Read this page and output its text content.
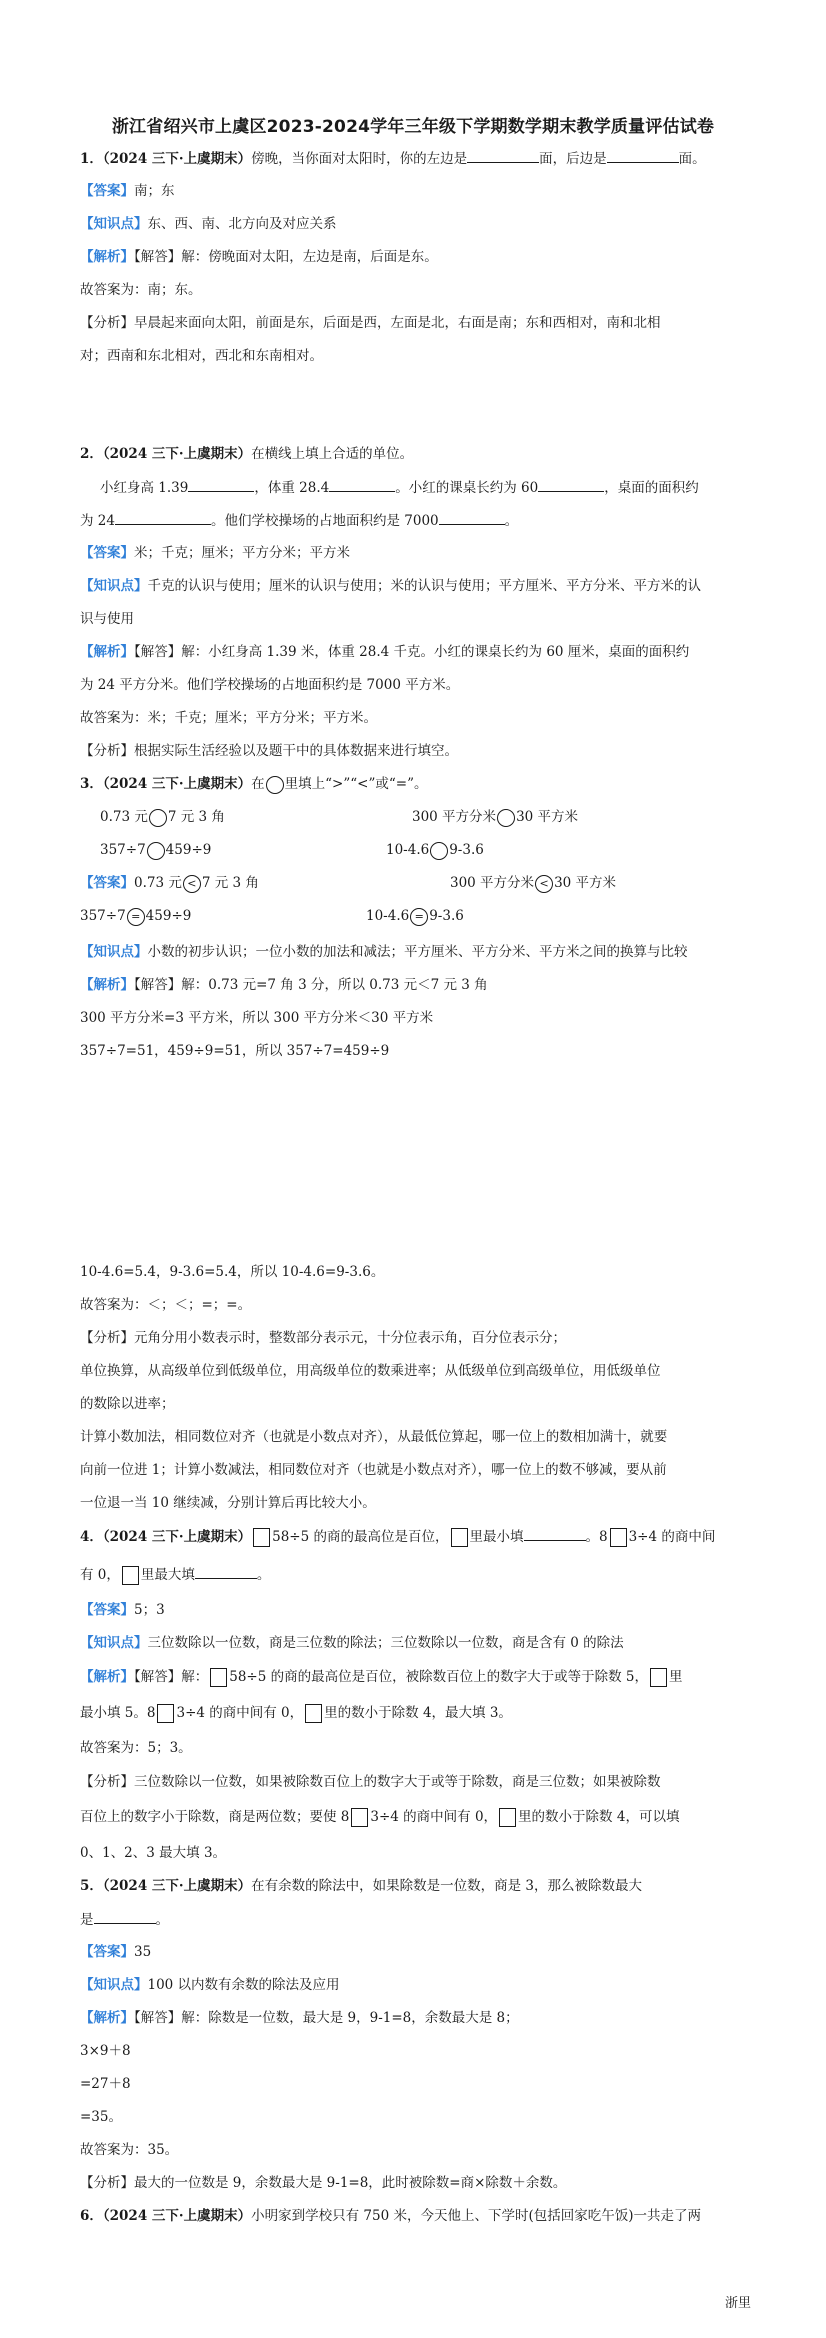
浙江省绍兴市上虞区2023-2024学年三年级下学期数学期末教学质量评估试卷
1．（2024 三下·上虞期末）傍晚，当你面对太阳时，你的左边是	面，后边是	面。
【答案】南；东
【知识点】东、西、南、北方向及对应关系
【解析】【解答】解：傍晚面对太阳，左边是南，后面是东。
故答案为：南；东。
【分析】早晨起来面向太阳，前面是东，后面是西，左面是北，右面是南；东和西相对，南和北相
对；西南和东北相对，西北和东南相对。
2．（2024 三下·上虞期末）在横线上填上合适的单位。
小红身高 1.39	，体重 28.4	。小红的课桌长约为 60	，桌面的面积约
为 24	。他们学校操场的占地面积约是 7000	。
【答案】米；千克；厘米；平方分米；平方米
【知识点】千克的认识与使用；厘米的认识与使用；米的认识与使用；平方厘米、平方分米、平方米的认
识与使用
【解析】【解答】解：小红身高 1.39 米，体重 28.4 千克。小红的课桌长约为 60 厘米，桌面的面积约
为 24 平方分米。他们学校操场的占地面积约是 7000 平方米。
故答案为：米；千克；厘米；平方分米；平方米。
【分析】根据实际生活经验以及题干中的具体数据来进行填空。
3．（2024 三下·上虞期末）在 里填上“>”“<”或“=”。
0.73 元 7 元 3 角	300 平方分米 30 平方米
357÷7 459÷9	10-4.6 9-3.6
【答案】0.73 元 < 7 元 3 角	300 平方分米 < 30 平方米
357÷7 = 459÷9	10-4.6 = 9-3.6
【知识点】小数的初步认识；一位小数的加法和减法；平方厘米、平方分米、平方米之间的换算与比较
【解析】【解答】解：0.73 元=7 角 3 分，所以 0.73 元＜7 元 3 角
300 平方分米=3 平方米，所以 300 平方分米＜30 平方米
357÷7=51，459÷9=51，所以 357÷7=459÷9
10-4.6=5.4，9-3.6=5.4，所以 10-4.6=9-3.6。
故答案为：＜；＜；=；=。
【分析】元角分用小数表示时，整数部分表示元，十分位表示角，百分位表示分；
单位换算，从高级单位到低级单位，用高级单位的数乘进率；从低级单位到高级单位，用低级单位
的数除以进率；
计算小数加法，相同数位对齐（也就是小数点对齐），从最低位算起，哪一位上的数相加满十，就要
向前一位进 1；计算小数减法，相同数位对齐（也就是小数点对齐），哪一位上的数不够减，要从前
一位退一当 10 继续减，分别计算后再比较大小。
4．（2024 三下·上虞期末） 58÷5 的商的最高位是百位， 里最小填	。8 3÷4 的商中间
有 0， 里最大填	。
【答案】5；3
【知识点】三位数除以一位数，商是三位数的除法；三位数除以一位数，商是含有 0 的除法
【解析】【解答】解： 58÷5 的商的最高位是百位，被除数百位上的数字大于或等于除数 5， 里
最小填 5。8 3÷4 的商中间有 0， 里的数小于除数 4，最大填 3。
故答案为：5；3。
【分析】三位数除以一位数，如果被除数百位上的数字大于或等于除数，商是三位数；如果被除数
百位上的数字小于除数，商是两位数；要使 8 3÷4 的商中间有 0， 里的数小于除数 4，可以填
0、1、2、3 最大填 3。
5．（2024 三下·上虞期末）在有余数的除法中，如果除数是一位数，商是 3，那么被除数最大
是	。
【答案】35
【知识点】100 以内数有余数的除法及应用
【解析】【解答】解：除数是一位数，最大是 9，9-1=8，余数最大是 8；
3×9＋8
=27＋8
=35。
故答案为：35。
【分析】最大的一位数是 9，余数最大是 9-1=8，此时被除数=商×除数＋余数。
6．（2024 三下·上虞期末）小明家到学校只有 750 米，今天他上、下学时(包括回家吃午饭)一共走了两
浙里
